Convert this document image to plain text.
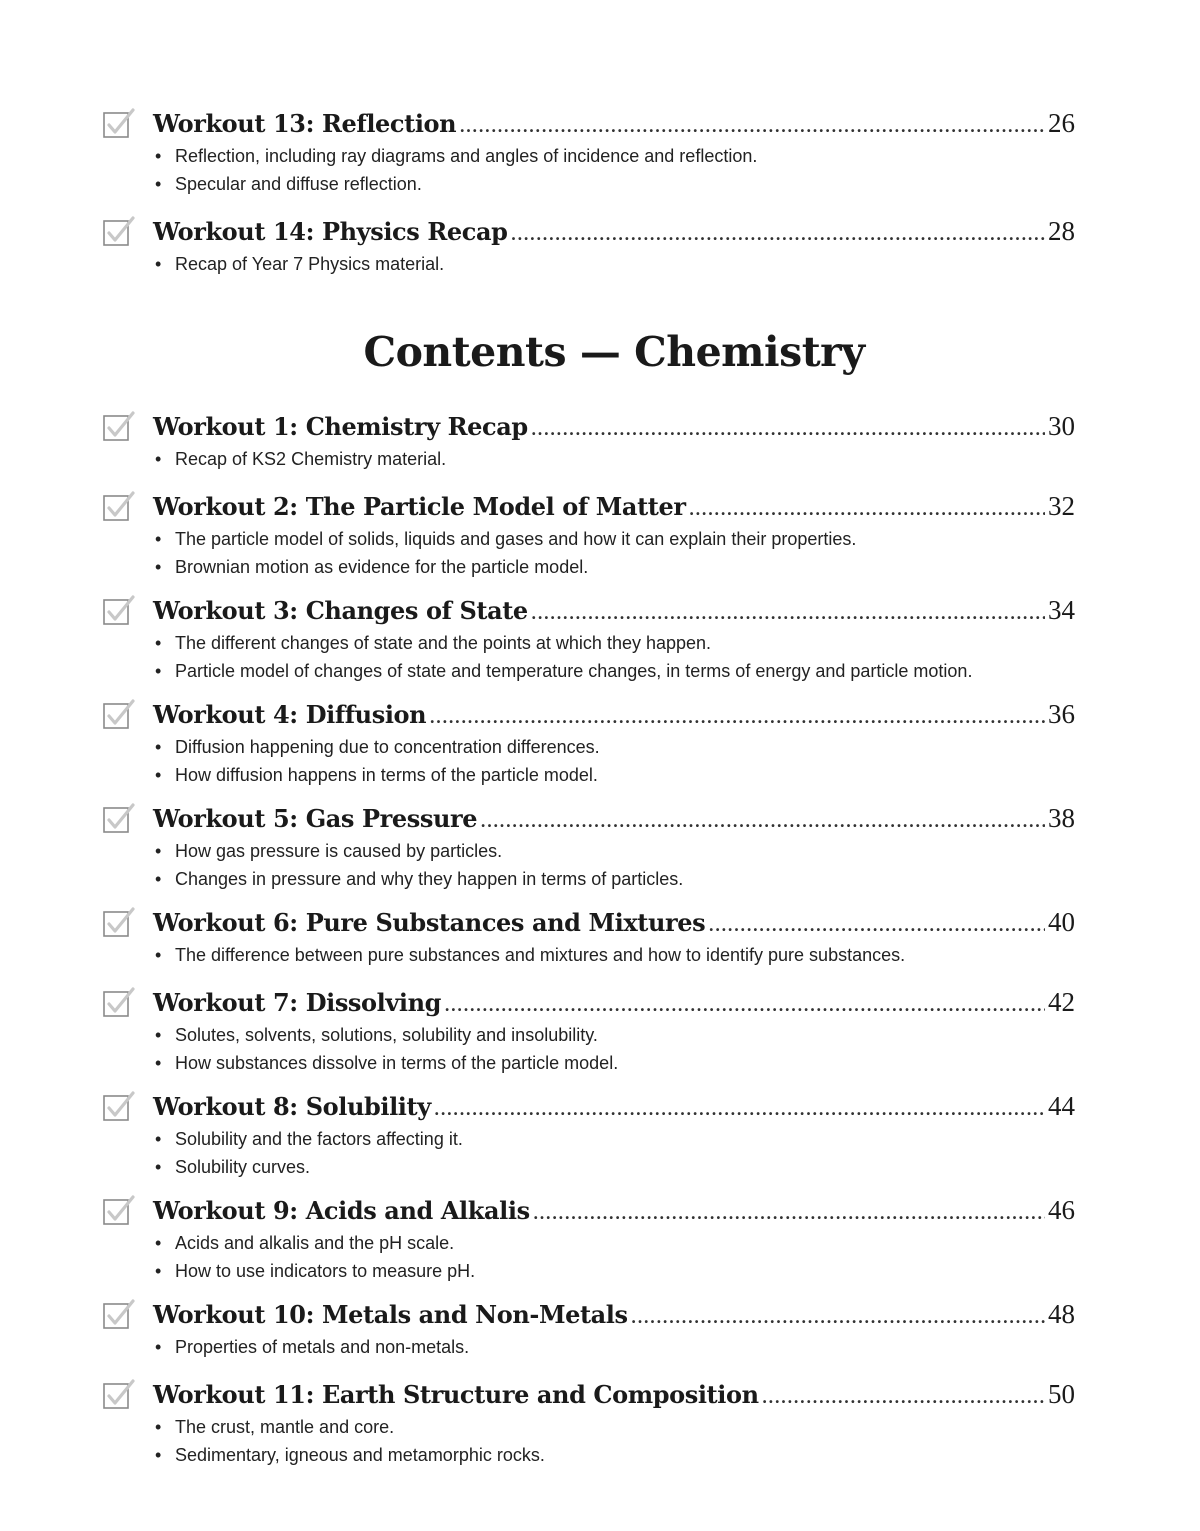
Workout 13: Reflection .....	26
• Reflection, including ray diagrams and angles of incidence and reflection.
• Specular and diffuse reflection.
Workout 14: Physics Recap .....	28
• Recap of Year 7 Physics material.
Contents — Chemistry
Workout 1: Chemistry Recap .....	30
• Recap of KS2 Chemistry material.
Workout 2: The Particle Model of Matter .....	32
• The particle model of solids, liquids and gases and how it can explain their properties.
• Brownian motion as evidence for the particle model.
Workout 3: Changes of State .....	34
• The different changes of state and the points at which they happen.
• Particle model of changes of state and temperature changes, in terms of energy and particle motion.
Workout 4: Diffusion .....	36
• Diffusion happening due to concentration differences.
• How diffusion happens in terms of the particle model.
Workout 5: Gas Pressure .....	38
• How gas pressure is caused by particles.
• Changes in pressure and why they happen in terms of particles.
Workout 6: Pure Substances and Mixtures .....	40
• The difference between pure substances and mixtures and how to identify pure substances.
Workout 7: Dissolving .....	42
• Solutes, solvents, solutions, solubility and insolubility.
• How substances dissolve in terms of the particle model.
Workout 8: Solubility .....	44
• Solubility and the factors affecting it.
• Solubility curves.
Workout 9: Acids and Alkalis .....	46
• Acids and alkalis and the pH scale.
• How to use indicators to measure pH.
Workout 10: Metals and Non-Metals .....	48
• Properties of metals and non-metals.
Workout 11: Earth Structure and Composition .....	50
• The crust, mantle and core.
• Sedimentary, igneous and metamorphic rocks.
